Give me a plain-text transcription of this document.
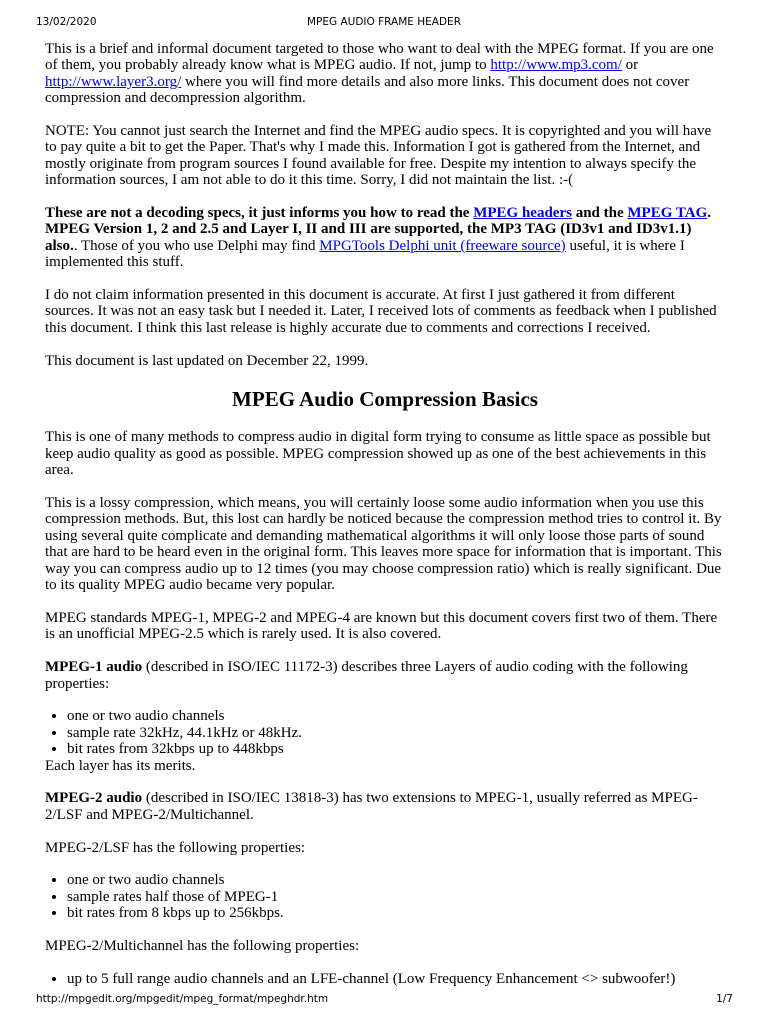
13/02/2020	MPEG AUDIO FRAME HEADER

This is a brief and informal document targeted to those who want to deal with the MPEG format. If you are one of them, you probably already know what is MPEG audio. If not, jump to http://www.mp3.com/ or http://www.layer3.org/ where you will find more details and also more links. This document does not cover compression and decompression algorithm.

NOTE: You cannot just search the Internet and find the MPEG audio specs. It is copyrighted and you will have to pay quite a bit to get the Paper. That's why I made this. Information I got is gathered from the Internet, and mostly originate from program sources I found available for free. Despite my intention to always specify the information sources, I am not able to do it this time. Sorry, I did not maintain the list. :-(

These are not a decoding specs, it just informs you how to read the MPEG headers and the MPEG TAG. MPEG Version 1, 2 and 2.5 and Layer I, II and III are supported, the MP3 TAG (ID3v1 and ID3v1.1) also.. Those of you who use Delphi may find MPGTools Delphi unit (freeware source) useful, it is where I implemented this stuff.

I do not claim information presented in this document is accurate. At first I just gathered it from different sources. It was not an easy task but I needed it. Later, I received lots of comments as feedback when I published this document. I think this last release is highly accurate due to comments and corrections I received.

This document is last updated on December 22, 1999.

MPEG Audio Compression Basics

This is one of many methods to compress audio in digital form trying to consume as little space as possible but keep audio quality as good as possible. MPEG compression showed up as one of the best achievements in this area.

This is a lossy compression, which means, you will certainly loose some audio information when you use this compression methods. But, this lost can hardly be noticed because the compression method tries to control it. By using several quite complicate and demanding mathematical algorithms it will only loose those parts of sound that are hard to be heard even in the original form. This leaves more space for information that is important. This way you can compress audio up to 12 times (you may choose compression ratio) which is really significant. Due to its quality MPEG audio became very popular.

MPEG standards MPEG-1, MPEG-2 and MPEG-4 are known but this document covers first two of them. There is an unofficial MPEG-2.5 which is rarely used. It is also covered.

MPEG-1 audio (described in ISO/IEC 11172-3) describes three Layers of audio coding with the following properties:

• one or two audio channels
• sample rate 32kHz, 44.1kHz or 48kHz.
• bit rates from 32kbps up to 448kbps

Each layer has its merits.

MPEG-2 audio (described in ISO/IEC 13818-3) has two extensions to MPEG-1, usually referred as MPEG-2/LSF and MPEG-2/Multichannel.

MPEG-2/LSF has the following properties:

• one or two audio channels
• sample rates half those of MPEG-1
• bit rates from 8 kbps up to 256kbps.

MPEG-2/Multichannel has the following properties:

• up to 5 full range audio channels and an LFE-channel (Low Frequency Enhancement <> subwoofer!)
http://mpgedit.org/mpgedit/mpeg_format/mpeghdr.htm	1/7
